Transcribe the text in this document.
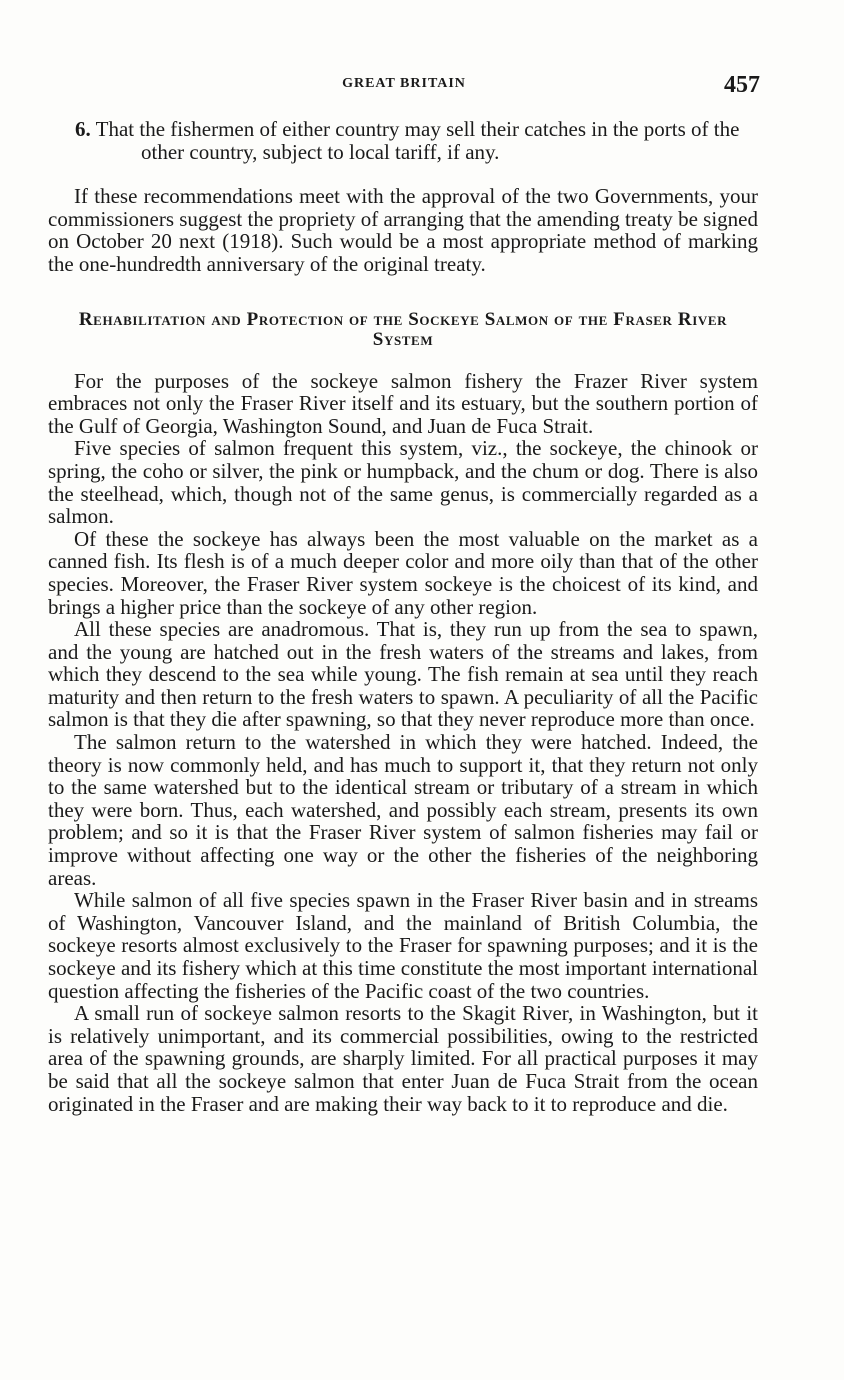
GREAT BRITAIN	457

6. That the fishermen of either country may sell their catches in the ports of the other country, subject to local tariff, if any.

If these recommendations meet with the approval of the two Governments, your commissioners suggest the propriety of arranging that the amending treaty be signed on October 20 next (1918). Such would be a most appropriate method of marking the one-hundredth anniversary of the original treaty.

Rehabilitation and Protection of the Sockeye Salmon of the Fraser River System

For the purposes of the sockeye salmon fishery the Frazer River system embraces not only the Fraser River itself and its estuary, but the southern portion of the Gulf of Georgia, Washington Sound, and Juan de Fuca Strait.

Five species of salmon frequent this system, viz., the sockeye, the chinook or spring, the coho or silver, the pink or humpback, and the chum or dog. There is also the steelhead, which, though not of the same genus, is commercially regarded as a salmon.

Of these the sockeye has always been the most valuable on the market as a canned fish. Its flesh is of a much deeper color and more oily than that of the other species. Moreover, the Fraser River system sockeye is the choicest of its kind, and brings a higher price than the sockeye of any other region.

All these species are anadromous. That is, they run up from the sea to spawn, and the young are hatched out in the fresh waters of the streams and lakes, from which they descend to the sea while young. The fish remain at sea until they reach maturity and then return to the fresh waters to spawn. A peculiarity of all the Pacific salmon is that they die after spawning, so that they never reproduce more than once.

The salmon return to the watershed in which they were hatched. Indeed, the theory is now commonly held, and has much to support it, that they return not only to the same watershed but to the identical stream or tributary of a stream in which they were born. Thus, each watershed, and possibly each stream, presents its own problem; and so it is that the Fraser River system of salmon fisheries may fail or improve without affecting one way or the other the fisheries of the neighboring areas.

While salmon of all five species spawn in the Fraser River basin and in streams of Washington, Vancouver Island, and the mainland of British Columbia, the sockeye resorts almost exclusively to the Fraser for spawning purposes; and it is the sockeye and its fishery which at this time constitute the most important international question affecting the fisheries of the Pacific coast of the two countries.

A small run of sockeye salmon resorts to the Skagit River, in Washington, but it is relatively unimportant, and its commercial possibilities, owing to the restricted area of the spawning grounds, are sharply limited. For all practical purposes it may be said that all the sockeye salmon that enter Juan de Fuca Strait from the ocean originated in the Fraser and are making their way back to it to reproduce and die.
